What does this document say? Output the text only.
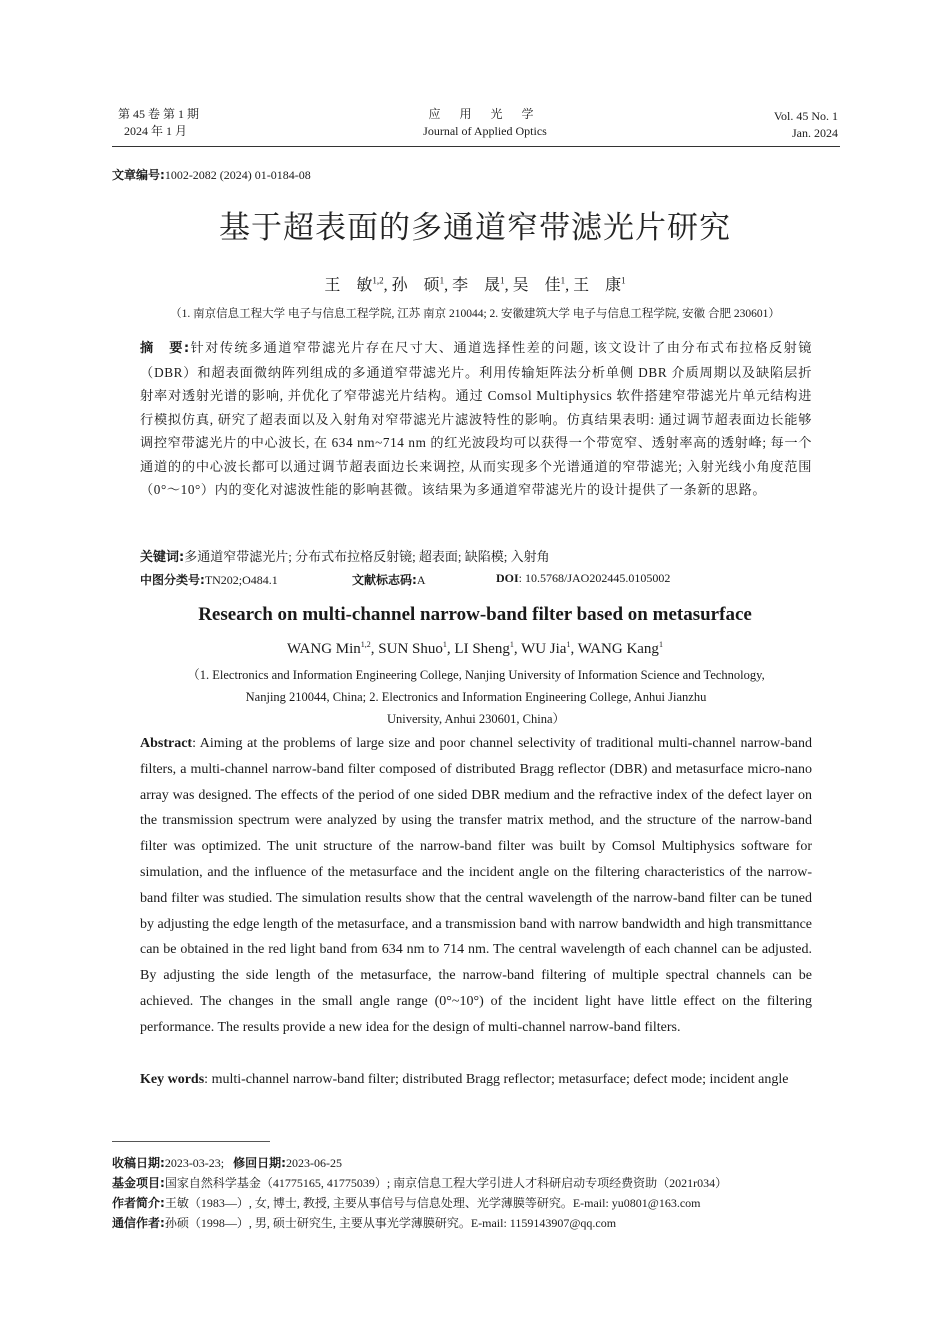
第 45 卷 第 1 期
2024 年 1 月
应 用 光 学
Journal of Applied Optics
Vol. 45 No. 1
Jan. 2024
文章编号:1002-2082 (2024) 01-0184-08
基于超表面的多通道窄带滤光片研究
王　敏$^{1,2}$, 孙　硕$^1$, 李　晟$^1$, 吴　佳$^1$, 王　康$^1$
（1. 南京信息工程大学 电子与信息工程学院, 江苏 南京 210044; 2. 安徽建筑大学 电子与信息工程学院, 安徽 合肥 230601）
摘　要:针对传统多通道窄带滤光片存在尺寸大、通道选择性差的问题, 该文设计了由分布式布拉格反射镜（DBR）和超表面微纳阵列组成的多通道窄带滤光片。利用传输矩阵法分析单侧 DBR 介质周期以及缺陷层折射率对透射光谱的影响, 并优化了窄带滤光片结构。通过 Comsol Multiphysics 软件搭建窄带滤光片单元结构进行模拟仿真, 研究了超表面以及入射角对窄带滤光片滤波特性的影响。仿真结果表明: 通过调节超表面边长能够调控窄带滤光片的中心波长, 在 634 nm~714 nm 的红光波段均可以获得一个带宽窄、透射率高的透射峰; 每一个通道的的中心波长都可以通过调节超表面边长来调控, 从而实现多个光谱通道的窄带滤光; 入射光线小角度范围（0°～10°）内的变化对滤波性能的影响甚微。该结果为多通道窄带滤光片的设计提供了一条新的思路。
关键词:多通道窄带滤光片; 分布式布拉格反射镜; 超表面; 缺陷模; 入射角
中图分类号:TN202;O484.1	文献标志码:A	DOI: 10.5768/JAO202445.0105002
Research on multi-channel narrow-band filter based on metasurface
WANG Min$^{1,2}$, SUN Shuo$^1$, LI Sheng$^1$, WU Jia$^1$, WANG Kang$^1$
（1. Electronics and Information Engineering College, Nanjing University of Information Science and Technology,
Nanjing 210044, China; 2. Electronics and Information Engineering College, Anhui Jianzhu
University, Anhui 230601, China）
Abstract: Aiming at the problems of large size and poor channel selectivity of traditional multi-channel narrow-band filters, a multi-channel narrow-band filter composed of distributed Bragg reflector (DBR) and metasurface micro-nano array was designed. The effects of the period of one sided DBR medium and the refractive index of the defect layer on the transmission spectrum were analyzed by using the transfer matrix method, and the structure of the narrow-band filter was optimized. The unit structure of the narrow-band filter was built by Comsol Multiphysics software for simulation, and the influence of the metasurface and the incident angle on the filtering characteristics of the narrow-band filter was studied. The simulation results show that the central wavelength of the narrow-band filter can be tuned by adjusting the edge length of the metasurface, and a transmission band with narrow bandwidth and high transmittance can be obtained in the red light band from 634 nm to 714 nm. The central wavelength of each channel can be adjusted. By adjusting the side length of the metasurface, the narrow-band filtering of multiple spectral channels can be achieved. The changes in the small angle range (0°~10°) of the incident light have little effect on the filtering performance. The results provide a new idea for the design of multi-channel narrow-band filters.
Key words: multi-channel narrow-band filter; distributed Bragg reflector; metasurface; defect mode; incident angle
收稿日期:2023-03-23; 修回日期:2023-06-25
基金项目:国家自然科学基金（41775165, 41775039）; 南京信息工程大学引进人才科研启动专项经费资助（2021r034）
作者简介:王敏（1983—）, 女, 博士, 教授, 主要从事信号与信息处理、光学薄膜等研究。E-mail: yu0801@163.com
通信作者:孙硕（1998—）, 男, 硕士研究生, 主要从事光学薄膜研究。E-mail: 1159143907@qq.com
